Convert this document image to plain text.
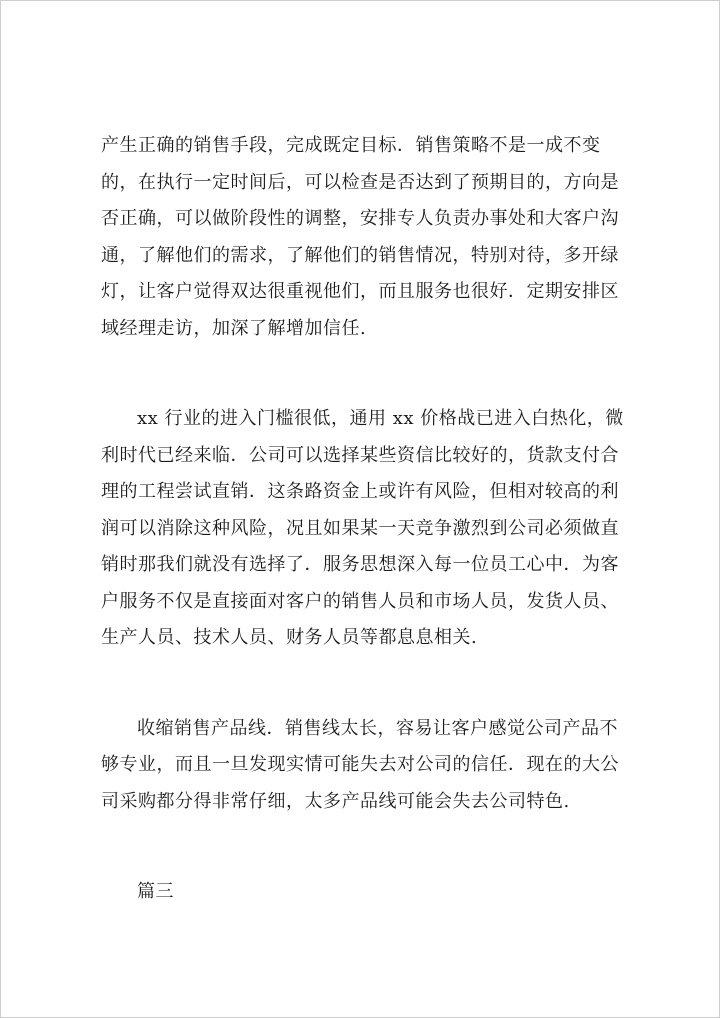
产生正确的销售手段，完成既定目标．销售策略不是一成不变
的，在执行一定时间后，可以检查是否达到了预期目的，方向是
否正确，可以做阶段性的调整，安排专人负责办事处和大客户沟
通，了解他们的需求，了解他们的销售情况，特别对待，多开绿
灯，让客户觉得双达很重视他们，而且服务也很好．定期安排区
域经理走访，加深了解增加信任.

xx 行业的进入门槛很低，通用 xx 价格战已进入白热化，微
利时代已经来临．公司可以选择某些资信比较好的，货款支付合
理的工程尝试直销．这条路资金上或许有风险，但相对较高的利
润可以消除这种风险，况且如果某一天竞争激烈到公司必须做直
销时那我们就没有选择了．服务思想深入每一位员工心中．为客
户服务不仅是直接面对客户的销售人员和市场人员，发货人员、
生产人员、技术人员、财务人员等都息息相关.

收缩销售产品线．销售线太长，容易让客户感觉公司产品不
够专业，而且一旦发现实情可能失去对公司的信任．现在的大公
司采购都分得非常仔细，太多产品线可能会失去公司特色.

篇三
